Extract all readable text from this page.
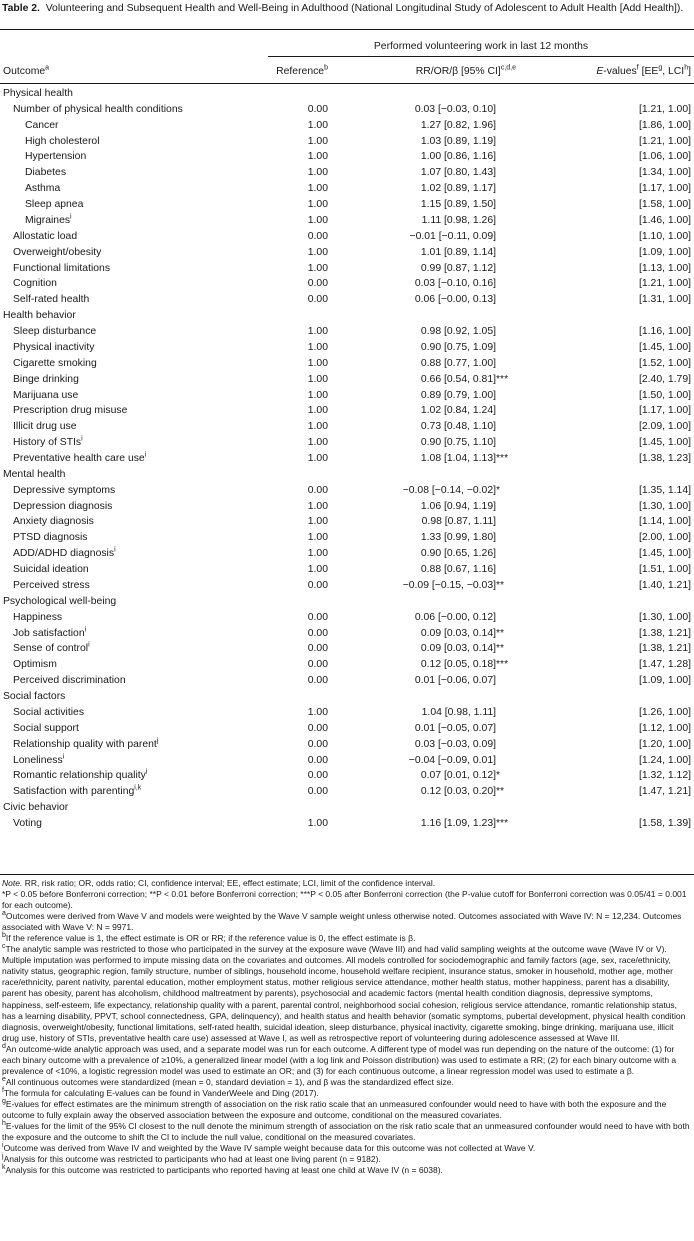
Table 2. Volunteering and Subsequent Health and Well-Being in Adulthood (National Longitudinal Study of Adolescent to Adult Health [Add Health]).
Performed volunteering work in last 12 months
Outcome$^a$	Reference$^b$	RR/OR/β [95% CI]$^{c,d,e}$	E-values$^f$ [$EE^g$, LCI$^h$]
Physical health
Number of physical health conditions	0.00	0.03 [−0.03, 0.10]	[1.21, 1.00]
Cancer	1.00	1.27 [0.82, 1.96]	[1.86, 1.00]
High cholesterol	1.00	1.03 [0.89, 1.19]	[1.21, 1.00]
Hypertension	1.00	1.00 [0.86, 1.16]	[1.06, 1.00]
Diabetes	1.00	1.07 [0.80, 1.43]	[1.34, 1.00]
Asthma	1.00	1.02 [0.89, 1.17]	[1.17, 1.00]
Sleep apnea	1.00	1.15 [0.89, 1.50]	[1.58, 1.00]
Migraines$^i$	1.00	1.11 [0.98, 1.26]	[1.46, 1.00]
Allostatic load	0.00	−0.01 [−0.11, 0.09]	[1.10, 1.00]
Overweight/obesity	1.00	1.01 [0.89, 1.14]	[1.09, 1.00]
Functional limitations	1.00	0.99 [0.87, 1.12]	[1.13, 1.00]
Cognition	0.00	0.03 [−0.10, 0.16]	[1.21, 1.00]
Self-rated health	0.00	0.06 [−0.00, 0.13]	[1.31, 1.00]
Health behavior
Sleep disturbance	1.00	0.98 [0.92, 1.05]	[1.16, 1.00]
Physical inactivity	1.00	0.90 [0.75, 1.09]	[1.45, 1.00]
Cigarette smoking	1.00	0.88 [0.77, 1.00]	[1.52, 1.00]
Binge drinking	1.00	0.66 [0.54, 0.81]***	[2.40, 1.79]
Marijuana use	1.00	0.89 [0.79, 1.00]	[1.50, 1.00]
Prescription drug misuse	1.00	1.02 [0.84, 1.24]	[1.17, 1.00]
Illicit drug use	1.00	0.73 [0.48, 1.10]	[2.09, 1.00]
History of STIs$^i$	1.00	0.90 [0.75, 1.10]	[1.45, 1.00]
Preventative health care use$^i$	1.00	1.08 [1.04, 1.13]***	[1.38, 1.23]
Mental health
Depressive symptoms	0.00	−0.08 [−0.14, −0.02]*	[1.35, 1.14]
Depression diagnosis	1.00	1.06 [0.94, 1.19]	[1.30, 1.00]
Anxiety diagnosis	1.00	0.98 [0.87, 1.11]	[1.14, 1.00]
PTSD diagnosis	1.00	1.33 [0.99, 1.80]	[2.00, 1.00]
ADD/ADHD diagnosis$^i$	1.00	0.90 [0.65, 1.26]	[1.45, 1.00]
Suicidal ideation	1.00	0.88 [0.67, 1.16]	[1.51, 1.00]
Perceived stress	0.00	−0.09 [−0.15, −0.03]**	[1.40, 1.21]
Psychological well-being
Happiness	0.00	0.06 [−0.00, 0.12]	[1.30, 1.00]
Job satisfaction$^i$	0.00	0.09 [0.03, 0.14]**	[1.38, 1.21]
Sense of control$^i$	0.00	0.09 [0.03, 0.14]**	[1.38, 1.21]
Optimism	0.00	0.12 [0.05, 0.18]***	[1.47, 1.28]
Perceived discrimination	0.00	0.01 [−0.06, 0.07]	[1.09, 1.00]
Social factors
Social activities	1.00	1.04 [0.98, 1.11]	[1.26, 1.00]
Social support	0.00	0.01 [−0.05, 0.07]	[1.12, 1.00]
Relationship quality with parent$^j$	0.00	0.03 [−0.03, 0.09]	[1.20, 1.00]
Loneliness$^i$	0.00	−0.04 [−0.09, 0.01]	[1.24, 1.00]
Romantic relationship quality$^i$	0.00	0.07 [0.01, 0.12]*	[1.32, 1.12]
Satisfaction with parenting$^{i,k}$	0.00	0.12 [0.03, 0.20]**	[1.47, 1.21]
Civic behavior
Voting	1.00	1.16 [1.09, 1.23]***	[1.58, 1.39]

Note. RR, risk ratio; OR, odds ratio; CI, confidence interval; EE, effect estimate; LCI, limit of the confidence interval.

*P < 0.05 before Bonferroni correction; **P < 0.01 before Bonferroni correction; ***P < 0.05 after Bonferroni correction (the P-value cutoff for Bonferroni correction was 0.05/41 = 0.001 for each outcome).

$^a$Outcomes were derived from Wave V and models were weighted by the Wave V sample weight unless otherwise noted. Outcomes associated with Wave IV: N = 12,234. Outcomes associated with Wave V: N = 9971.

$^b$If the reference value is 1, the effect estimate is OR or RR; if the reference value is 0, the effect estimate is β.

$^c$The analytic sample was restricted to those who participated in the survey at the exposure wave (Wave III) and had valid sampling weights at the outcome wave (Wave IV or V). Multiple imputation was performed to impute missing data on the covariates and outcomes. All models controlled for sociodemographic and family factors (age, sex, race/ethnicity, nativity status, geographic region, family structure, number of siblings, household income, household welfare recipient, insurance status, smoker in household, mother age, mother race/ethnicity, parent nativity, parental education, mother employment status, mother religious service attendance, mother health status, mother happiness, parent has a disability, parent has obesity, parent has alcoholism, childhood maltreatment by parents), psychosocial and academic factors (mental health condition diagnosis, depressive symptoms, happiness, self-esteem, life expectancy, relationship quality with a parent, parental control, neighborhood social cohesion, religious service attendance, romantic relationship status, has a learning disability, PPVT, school connectedness, GPA, delinquency), and health status and health behavior (somatic symptoms, pubertal development, physical health condition diagnosis, overweight/obesity, functional limitations, self-rated health, suicidal ideation, sleep disturbance, physical inactivity, cigarette smoking, binge drinking, marijuana use, illicit drug use, history of STIs, preventative health care use) assessed at Wave I, as well as retrospective report of volunteering during adolescence assessed at Wave III.

$^d$An outcome-wide analytic approach was used, and a separate model was run for each outcome. A different type of model was run depending on the nature of the outcome: (1) for each binary outcome with a prevalence of ≥10%, a generalized linear model (with a log link and Poisson distribution) was used to estimate a RR; (2) for each binary outcome with a prevalence of <10%, a logistic regression model was used to estimate an OR; and (3) for each continuous outcome, a linear regression model was used to estimate a β.

$^e$All continuous outcomes were standardized (mean = 0, standard deviation = 1), and β was the standardized effect size.

$^f$The formula for calculating E-values can be found in VanderWeele and Ding (2017).

$^g$E-values for effect estimates are the minimum strength of association on the risk ratio scale that an unmeasured confounder would need to have with both the exposure and the outcome to fully explain away the observed association between the exposure and outcome, conditional on the measured covariates.

$^h$E-values for the limit of the 95% CI closest to the null denote the minimum strength of association on the risk ratio scale that an unmeasured confounder would need to have with both the exposure and the outcome to shift the CI to include the null value, conditional on the measured covariates.

$^i$Outcome was derived from Wave IV and weighted by the Wave IV sample weight because data for this outcome was not collected at Wave V.

$^j$Analysis for this outcome was restricted to participants who had at least one living parent (n = 9182).

$^k$Analysis for this outcome was restricted to participants who reported having at least one child at Wave IV (n = 6038).
